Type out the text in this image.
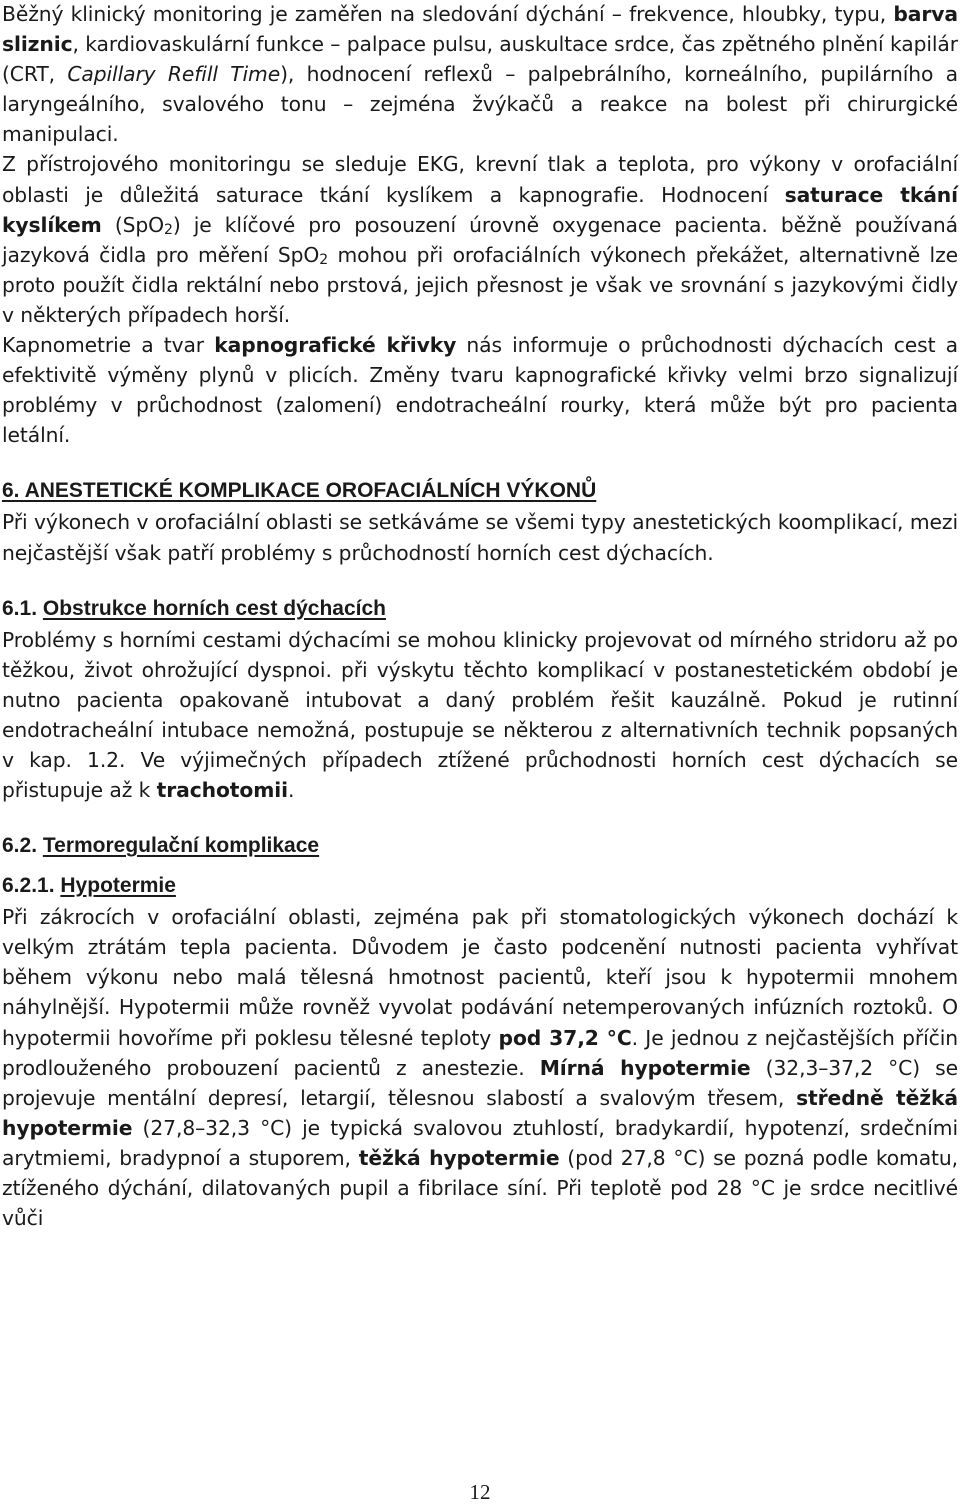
Běžný klinický monitoring je zaměřen na sledování dýchání – frekvence, hloubky, typu, barva sliznic, kardiovaskulární funkce – palpace pulsu, auskultace srdce, čas zpětného plnění kapilár (CRT, Capillary Refill Time), hodnocení reflexů – palpebrálního, korneálního, pupilárního a laryngeálního, svalového tonu – zejména žvýkačů a reakce na bolest při chirurgické manipulaci.

Z přístrojového monitoringu se sleduje EKG, krevní tlak a teplota, pro výkony v orofaciální oblasti je důležitá saturace tkání kyslíkem a kapnografie. Hodnocení saturace tkání kyslíkem (SpO$_2$) je klíčové pro posouzení úrovně oxygenace pacienta. běžně používaná jazyková čidla pro měření SpO$_2$ mohou při orofaciálních výkonech překážet, alternativně lze proto použít čidla rektální nebo prstová, jejich přesnost je však ve srovnání s jazykovými čidly v některých případech horší.

Kapnometrie a tvar kapnografické křivky nás informuje o průchodnosti dýchacích cest a efektivitě výměny plynů v plicích. Změny tvaru kapnografické křivky velmi brzo signalizují problémy v průchodnost (zalomení) endotracheální rourky, která může být pro pacienta letální.

6. ANESTETICKÉ KOMPLIKACE OROFACIÁLNÍCH VÝKONŮ

Při výkonech v orofaciální oblasti se setkáváme se všemi typy anestetických koomplikací, mezi nejčastější však patří problémy s průchodností horních cest dýchacích.

6.1. Obstrukce horních cest dýchacích

Problémy s horními cestami dýchacími se mohou klinicky projevovat od mírného stridoru až po těžkou, život ohrožující dyspnoi. při výskytu těchto komplikací v postanestetickém období je nutno pacienta opakovaně intubovat a daný problém řešit kauzálně. Pokud je rutinní endotracheální intubace nemožná, postupuje se některou z alternativních technik popsaných v kap. 1.2. Ve výjimečných případech ztížené průchodnosti horních cest dýchacích se přistupuje až k trachotomii.

6.2. Termoregulační komplikace
6.2.1. Hypotermie

Při zákrocích v orofaciální oblasti, zejména pak při stomatologických výkonech dochází k velkým ztrátám tepla pacienta. Důvodem je často podcenění nutnosti pacienta vyhřívat během výkonu nebo malá tělesná hmotnost pacientů, kteří jsou k hypotermii mnohem náhylnější. Hypotermii může rovněž vyvolat podávání netemperovaných infúzních roztoků. O hypotermii hovoříme při poklesu tělesné teploty pod 37,2 °C. Je jednou z nejčastějších příčin prodlouženého probouzení pacientů z anestezie. Mírná hypotermie (32,3–37,2 °C) se projevuje mentální depresí, letargií, tělesnou slabostí a svalovým třesem, středně těžká hypotermie (27,8–32,3 °C) je typická svalovou ztuhlostí, bradykardií, hypotenzí, srdečními arytmiemi, bradypnoí a stuporem, těžká hypotermie (pod 27,8 °C) se pozná podle komatu, ztíženého dýchání, dilatovaných pupil a fibrilace síní. Při teplotě pod 28 °C je srdce necitlivé vůči

12
